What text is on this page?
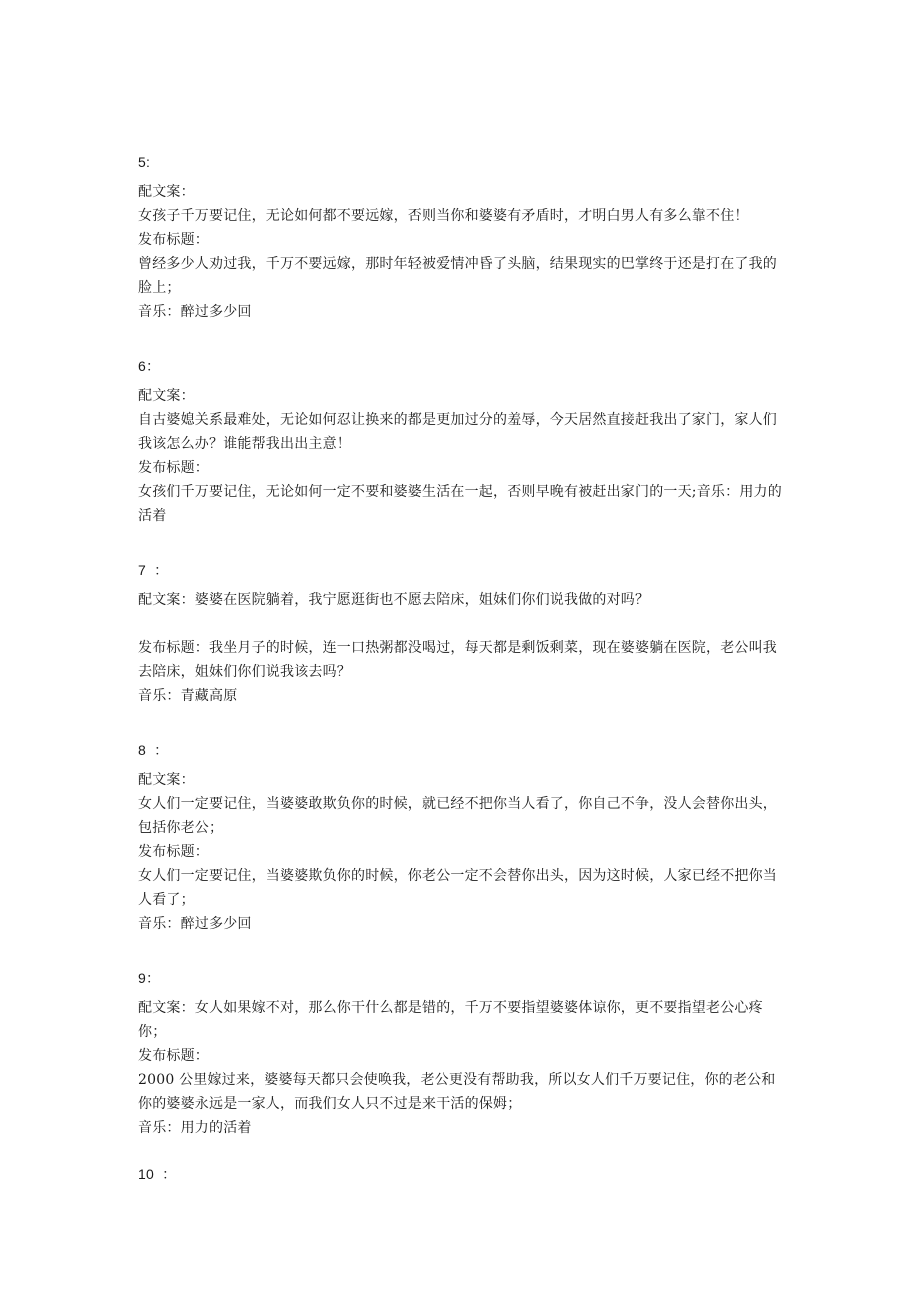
5:

配文案：

女孩子千万要记住，无论如何都不要远嫁，否则当你和婆婆有矛盾时，才明白男人有多么靠不住！

发布标题：

曾经多少人劝过我，千万不要远嫁，那时年轻被爱情冲昏了头脑，结果现实的巴掌终于还是打在了我的脸上；

音乐：醉过多少回

6：

配文案：

自古婆媳关系最难处，无论如何忍让换来的都是更加过分的羞辱，今天居然直接赶我出了家门，家人们我该怎么办？谁能帮我出出主意！

发布标题：

女孩们千万要记住，无论如何一定不要和婆婆生活在一起，否则早晚有被赶出家门的一天;音乐：用力的活着

7  ：

配文案：婆婆在医院躺着，我宁愿逛街也不愿去陪床，姐妹们你们说我做的对吗？

发布标题：我坐月子的时候，连一口热粥都没喝过，每天都是剩饭剩菜，现在婆婆躺在医院，老公叫我去陪床，姐妹们你们说我该去吗？

音乐：青藏高原

8  ：

配文案：

女人们一定要记住，当婆婆敢欺负你的时候，就已经不把你当人看了，你自己不争，没人会替你出头，包括你老公；

发布标题：

女人们一定要记住，当婆婆欺负你的时候，你老公一定不会替你出头，因为这时候，人家已经不把你当人看了；

音乐：醉过多少回

9：

配文案：女人如果嫁不对，那么你干什么都是错的，千万不要指望婆婆体谅你，更不要指望老公心疼你；

发布标题：

2000 公里嫁过来，婆婆每天都只会使唤我，老公更没有帮助我，所以女人们千万要记住，你的老公和你的婆婆永远是一家人，而我们女人只不过是来干活的保姆；

音乐：用力的活着

10  ：
